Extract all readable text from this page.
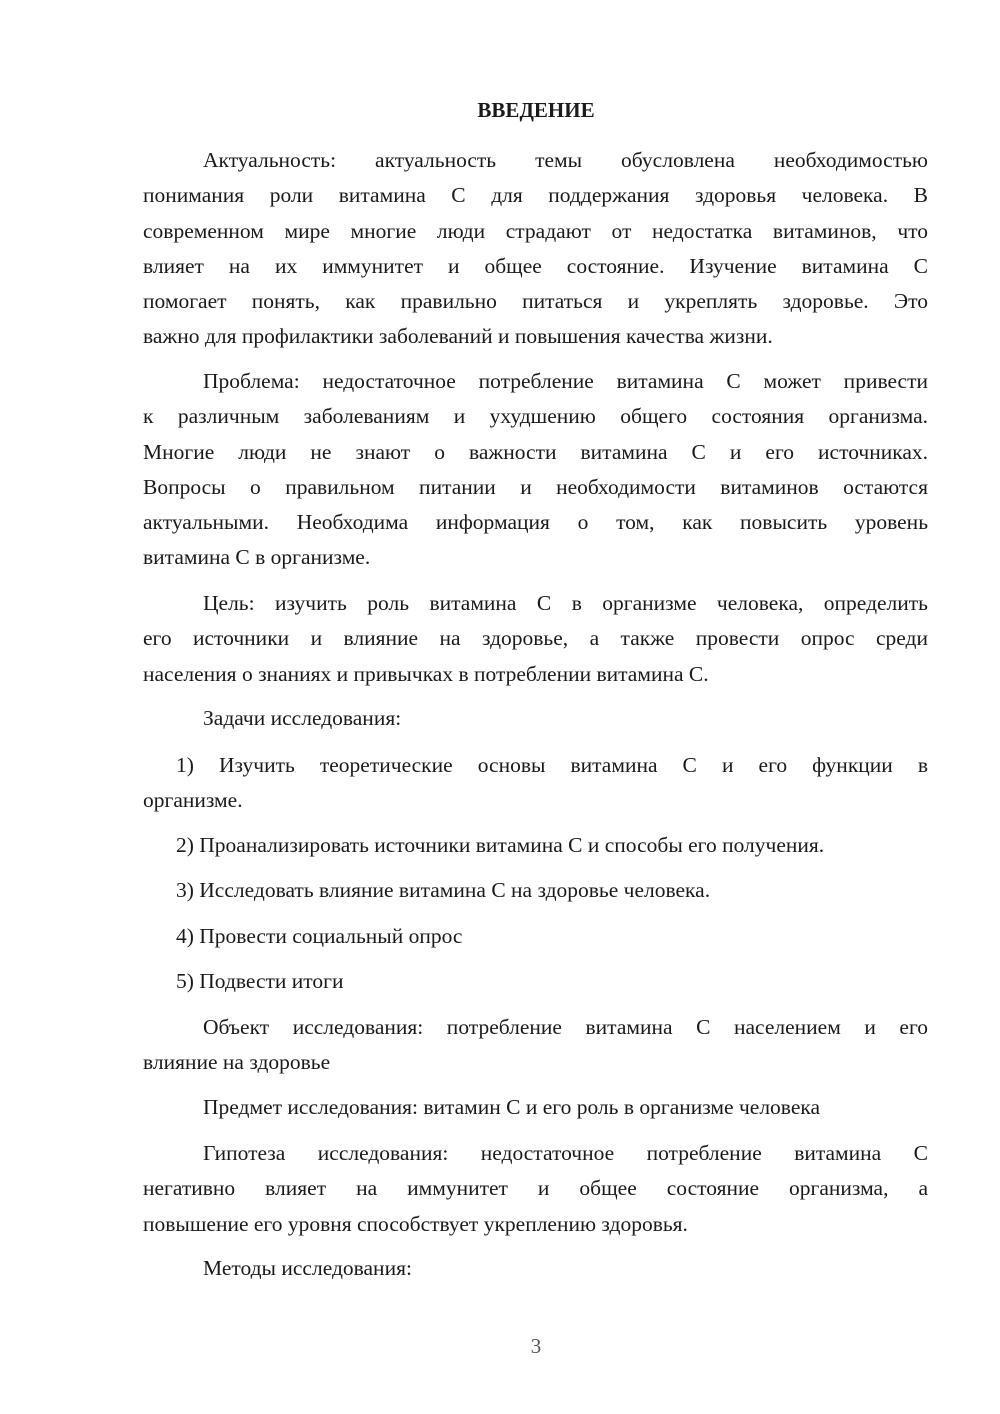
ВВЕДЕНИЕ
Актуальность: актуальность темы обусловлена необходимостью
понимания роли витамина С для поддержания здоровья человека. В
современном мире многие люди страдают от недостатка витаминов, что
влияет на их иммунитет и общее состояние. Изучение витамина С
помогает понять, как правильно питаться и укреплять здоровье. Это
важно для профилактики заболеваний и повышения качества жизни.
Проблема: недостаточное потребление витамина С может привести
к различным заболеваниям и ухудшению общего состояния организма.
Многие люди не знают о важности витамина С и его источниках.
Вопросы о правильном питании и необходимости витаминов остаются
актуальными. Необходима информация о том, как повысить уровень
витамина С в организме.
Цель: изучить роль витамина С в организме человека, определить
его источники и влияние на здоровье, а также провести опрос среди
населения о знаниях и привычках в потреблении витамина С.
Задачи исследования:
1) Изучить теоретические основы витамина С и его функции в
организме.
2) Проанализировать источники витамина С и способы его получения.
3) Исследовать влияние витамина С на здоровье человека.
4) Провести социальный опрос
5) Подвести итоги
Объект исследования: потребление витамина С населением и его
влияние на здоровье
Предмет исследования: витамин С и его роль в организме человека
Гипотеза исследования: недостаточное потребление витамина С
негативно влияет на иммунитет и общее состояние организма, а
повышение его уровня способствует укреплению здоровья.
Методы исследования:
3
